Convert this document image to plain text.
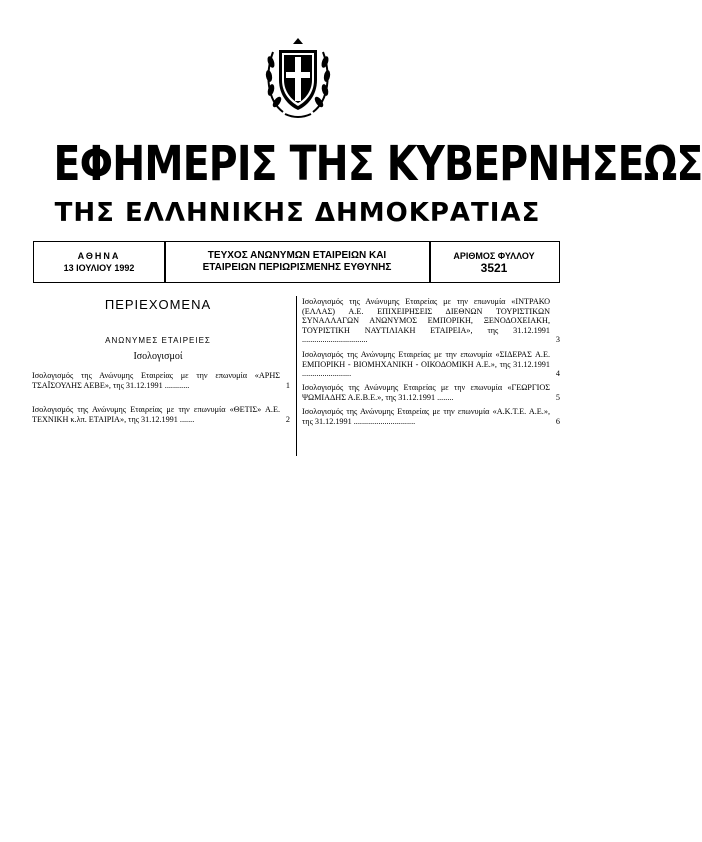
ΕΦΗΜΕΡΙΣ ΤΗΣ ΚΥΒΕΡΝΗΣΕΩΣ
ΤΗΣ ΕΛΛΗΝΙΚΗΣ ΔΗΜΟΚΡΑΤΙΑΣ
ΑΘΗΝΑ
13 ΙΟΥΛΙΟΥ 1992
ΤΕΥΧΟΣ ΑΝΩΝΥΜΩΝ ΕΤΑΙΡΕΙΩΝ ΚΑΙ
ΕΤΑΙΡΕΙΩΝ ΠΕΡΙΩΡΙΣΜΕΝΗΣ ΕΥΘΥΝΗΣ
ΑΡΙΘΜΟΣ ΦΥΛΛΟΥ
3521
ΠΕΡΙΕΧΟΜΕΝΑ
ΑΝΩΝΥΜΕΣ ΕΤΑΙΡΕΙΕΣ
Ισολογισμοί
1
Ισολογισμός της Ανώνυμης Εταιρείας με την επωνυμία «ΑΡΗΣ ΤΣΑΪΣΟΥΛΗΣ ΑΕΒΕ», της 31.12.1991 ............
2
Ισολογισμός της Ανώνυμης Εταιρείας με την επωνυμία «ΘΕΤΙΣ» Α.Ε. ΤΕΧΝΙΚΗ κ.λπ. ΕΤΑΙΡΙΑ», της 31.12.1991 .......
3
Ισολογισμός της Ανώνυμης Εταιρείας με την επωνυμία «ΙΝΤΡΑΚΟ (ΕΛΛΑΣ) Α.Ε. ΕΠΙΧΕΙΡΗΣΕΙΣ ΔΙΕΘΝΩΝ ΤΟΥΡΙΣΤΙΚΩΝ ΣΥΝΑΛΛΑΓΩΝ ΑΝΩΝΥΜΟΣ ΕΜΠΟΡΙΚΗ, ΞΕΝΟΔΟΧΕΙΑΚΗ, ΤΟΥΡΙΣΤΙΚΗ ΝΑΥΤΙΛΙΑΚΗ ΕΤΑΙΡΕΙΑ», της 31.12.1991 ................................
4
Ισολογισμός της Ανώνυμης Εταιρείας με την επωνυμία «ΣΙΔΕΡΑΣ Α.Ε. ΕΜΠΟΡΙΚΗ - ΒΙΟΜΗΧΑΝΙΚΗ - ΟΙΚΟΔΟΜΙΚΗ Α.Ε.», της 31.12.1991 ........................
5
Ισολογισμός της Ανώνυμης Εταιρείας με την επωνυμία «ΓΕΩΡΓΙΟΣ ΨΩΜΙΑΔΗΣ Α.Ε.Β.Ε.», της 31.12.1991 ........
6
Ισολογισμός της Ανώνυμης Εταιρείας με την επωνυμία «Α.Κ.Τ.Ε. Α.Ε.», της 31.12.1991 ..............................
